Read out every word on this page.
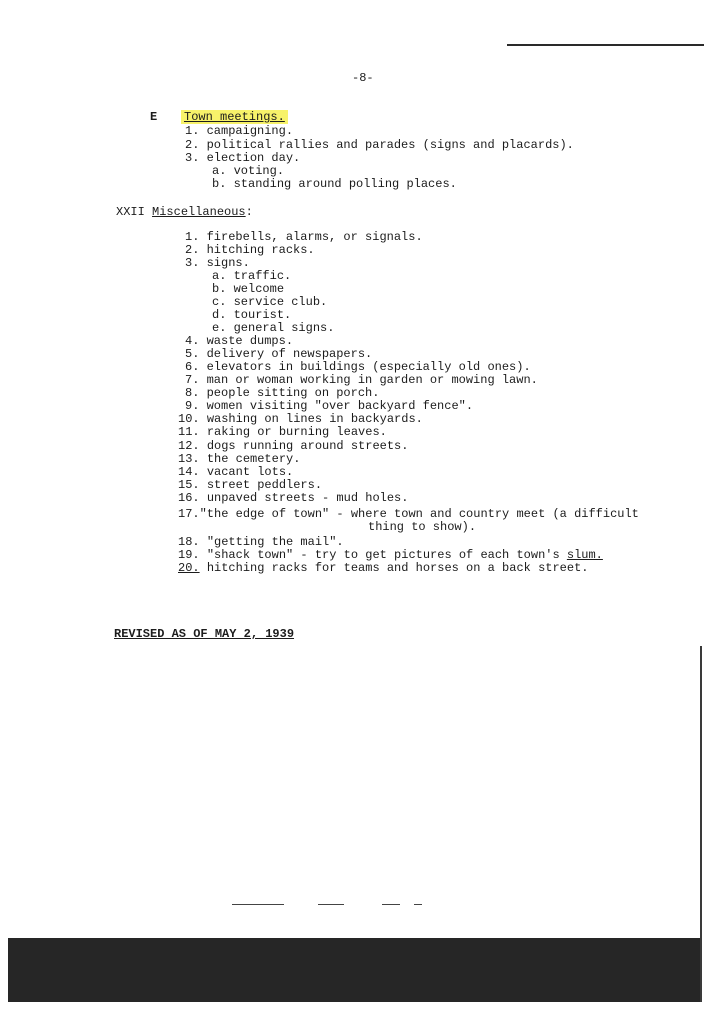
-8-
E Town meetings.
1. campaigning.
2. political rallies and parades (signs and placards).
3. election day.
a. voting.
b. standing around polling places.
XXII Miscellaneous:
1. firebells, alarms, or signals.
2. hitching racks.
3. signs.
a. traffic.
b. welcome
c. service club.
d. tourist.
e. general signs.
4. waste dumps.
5. delivery of newspapers.
6. elevators in buildings (especially old ones).
7. man or woman working in garden or mowing lawn.
8. people sitting on porch.
9. women visiting "over backyard fence".
10. washing on lines in backyards.
11. raking or burning leaves.
12. dogs running around streets.
13. the cemetery.
14. vacant lots.
15. street peddlers.
16. unpaved streets - mud holes.
17."the edge of town" - where town and country meet (a difficult
thing to show).
18. "getting the mail".
19. "shack town" - try to get pictures of each town's slum.
20. hitching racks for teams and horses on a back street.
REVISED AS OF MAY 2, 1939
